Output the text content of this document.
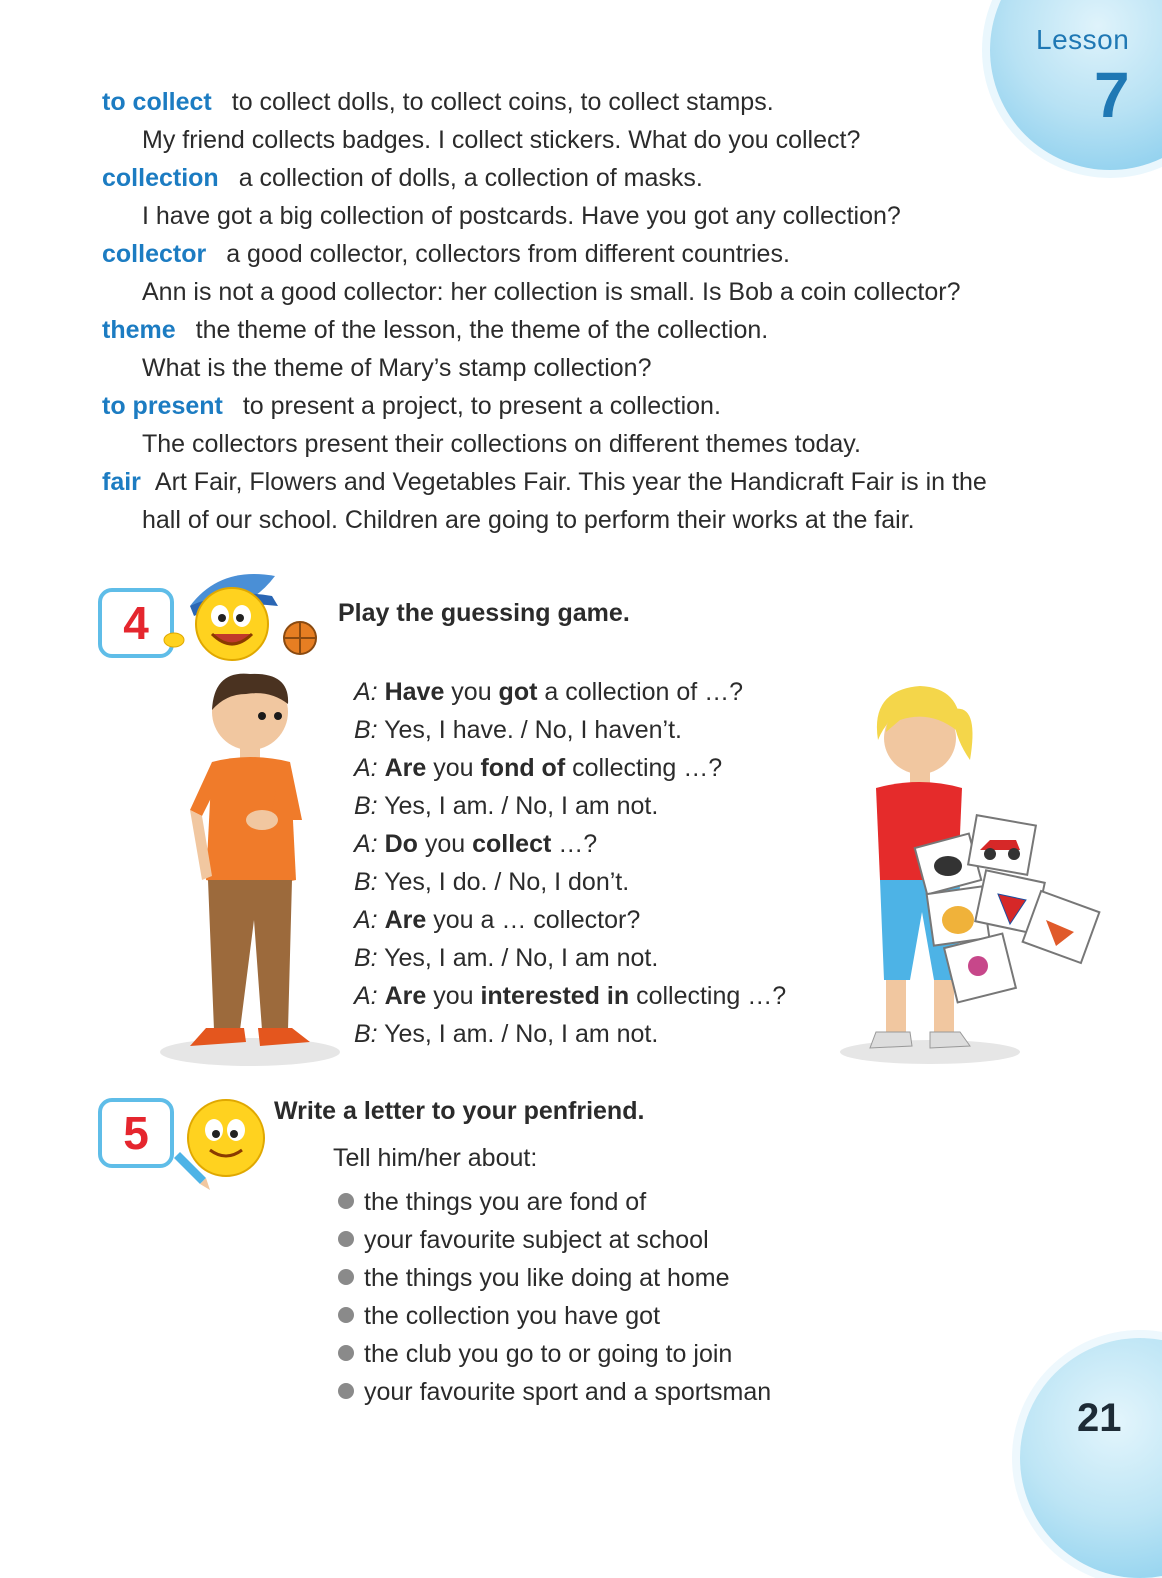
Lesson
7
to collect to collect dolls, to collect coins, to collect stamps.
My friend collects badges. I collect stickers. What do you collect?
collection a collection of dolls, a collection of masks.
I have got a big collection of postcards. Have you got any collection?
collector a good collector, collectors from different countries.
Ann is not a good collector: her collection is small. Is Bob a coin collector?
theme the theme of the lesson, the theme of the collection.
What is the theme of Mary’s stamp collection?
to present to present a project, to present a collection.
The collectors present their collections on different themes today.
fair Art Fair, Flowers and Vegetables Fair. This year the Handicraft Fair is in the
hall of our school. Children are going to perform their works at the fair.
4	Play the guessing game.
A: Have you got a collection of …?
B: Yes, I have. / No, I haven’t.
A: Are you fond of collecting …?
B: Yes, I am. / No, I am not.
A: Do you collect …?
B: Yes, I do. / No, I don’t.
A: Are you a … collector?
B: Yes, I am. / No, I am not.
A: Are you interested in collecting …?
B: Yes, I am. / No, I am not.
5	Write a letter to your penfriend.
Tell him/her about:
the things you are fond of
your favourite subject at school
the things you like doing at home
the collection you have got
the club you go to or going to join
your favourite sport and a sportsman
21
